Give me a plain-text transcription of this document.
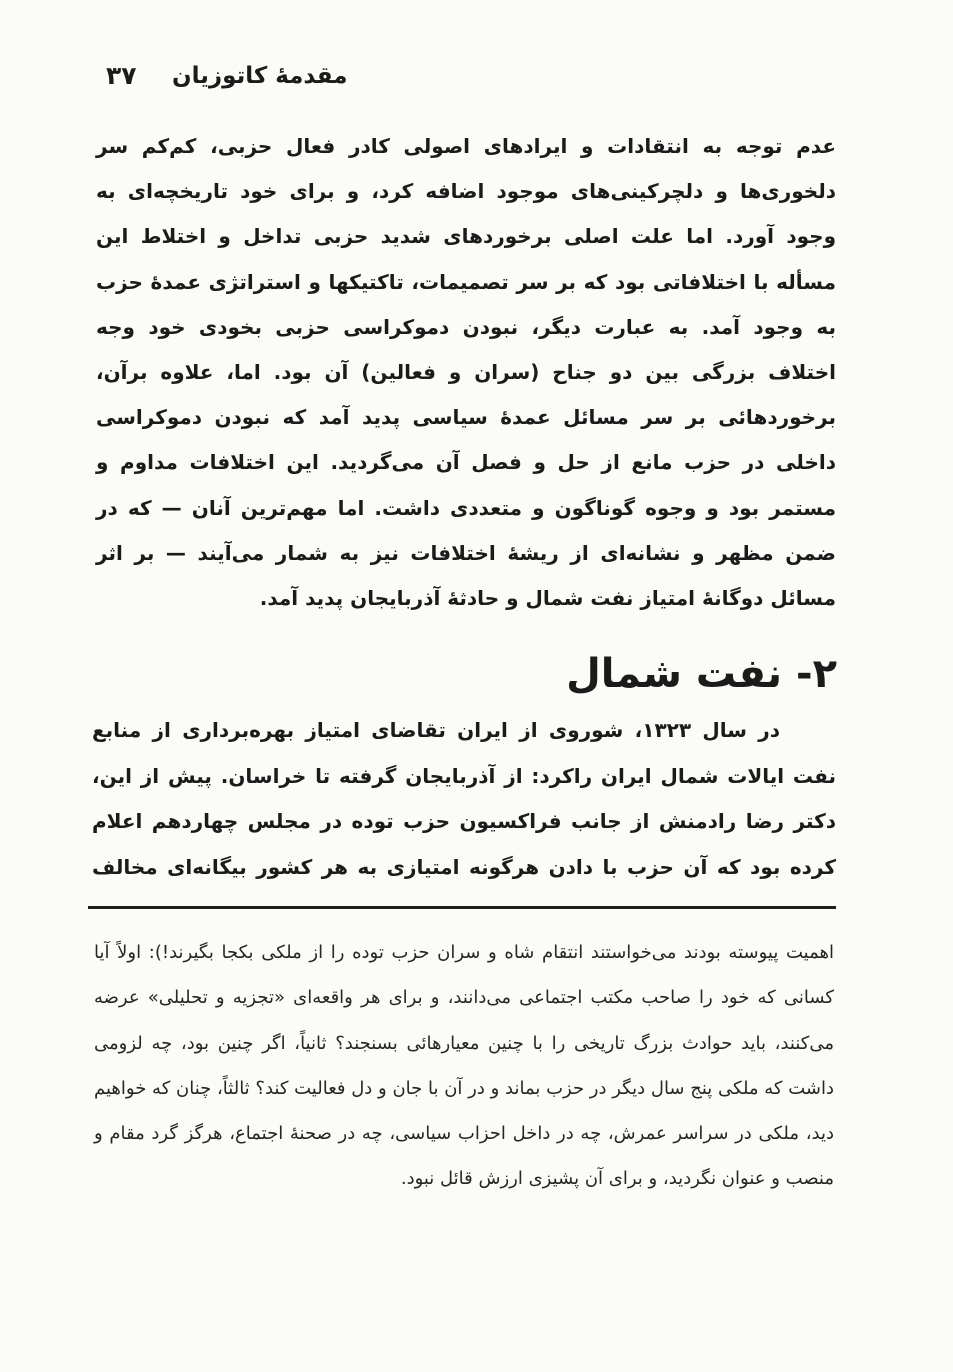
۳۷ مقدمهٔ کاتوزیان

عدم توجه به انتقادات و ایرادهای اصولی کادر فعال حزبی، کم‌کم سر دلخوری‌ها و دلچرکینی‌های موجود اضافه کرد، و برای خود تاریخچه‌ای به وجود آورد. اما علت اصلی برخوردهای شدید حزبی تداخل و اختلاط این مسأله با اختلافاتی بود که بر سر تصمیمات، تاکتیکها و استراتژی عمدهٔ حزب به وجود آمد. به عبارت دیگر، نبودن دموکراسی حزبی بخودی خود وجه اختلاف بزرگی بین دو جناح (سران و فعالین) آن بود. اما، علاوه برآن، برخوردهائی بر سر مسائل عمدهٔ سیاسی پدید آمد که نبودن دموکراسی داخلی در حزب مانع از حل و فصل آن می‌گردید. این اختلافات مداوم و مستمر بود و وجوه گوناگون و متعددی داشت. اما مهم‌ترین آنان — که در ضمن مظهر و نشانه‌ای از ریشهٔ اختلافات نیز به شمار می‌آیند — بر اثر مسائل دوگانهٔ امتیاز نفت شمال و حادثهٔ آذربایجان پدید آمد.

۲- نفت شمال

در سال ۱۳۲۳، شوروی از ایران تقاضای امتیاز بهره‌برداری از منابع نفت ایالات شمال ایران راکرد: از آذربایجان گرفته تا خراسان. پیش از این، دکتر رضا رادمنش از جانب فراکسیون حزب توده در مجلس چهاردهم اعلام کرده بود که آن حزب با دادن هرگونه امتیازی به هر کشور بیگانه‌ای مخالف

اهمیت پیوسته بودند می‌خواستند انتقام شاه و سران حزب توده را از ملکی بکجا بگیرند!): اولاً آیا کسانی که خود را صاحب مکتب اجتماعی می‌دانند، و برای هر واقعه‌ای «تجزیه و تحلیلی» عرضه می‌کنند، باید حوادث بزرگ تاریخی را با چنین معیارهائی بسنجند؟ ثانیاً، اگر چنین بود، چه لزومی داشت که ملکی پنج سال دیگر در حزب بماند و در آن با جان و دل فعالیت کند؟ ثالثاً، چنان که خواهیم دید، ملکی در سراسر عمرش، چه در داخل احزاب سیاسی، چه در صحنهٔ اجتماع، هرگز گرد مقام و منصب و عنوان نگردید، و برای آن پشیزی ارزش قائل نبود.
